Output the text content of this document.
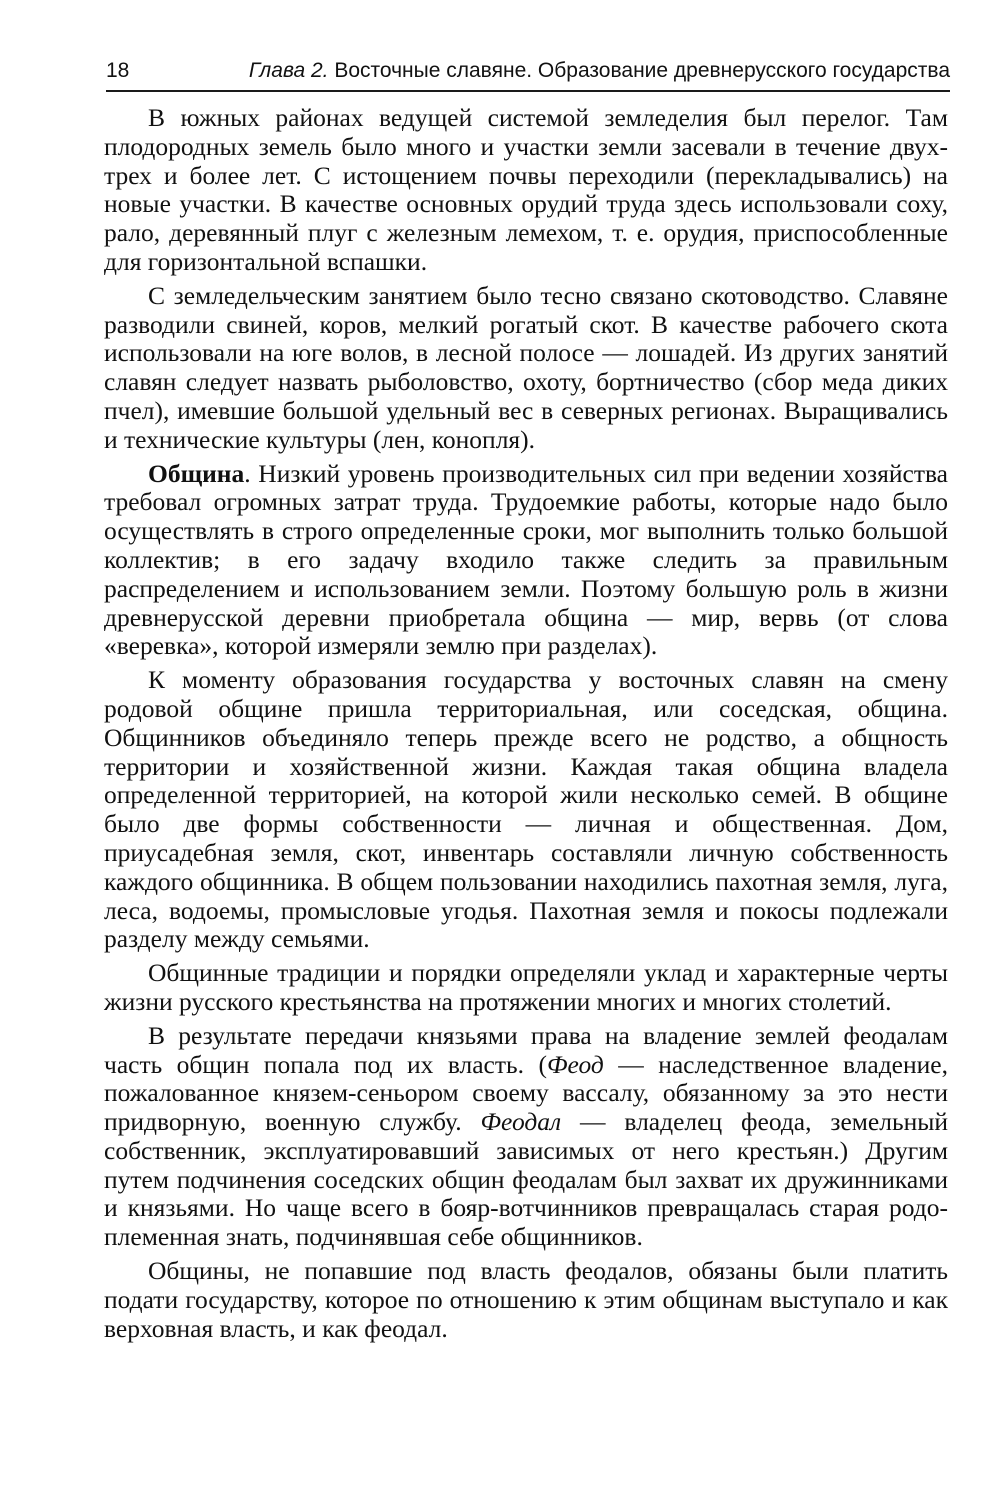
18	Глава 2. Восточные славяне. Образование древнерусского государства

В южных районах ведущей системой земледелия был перелог. Там плодородных земель было много и участки земли засевали в течение двух-трех и более лет. С истощением почвы переходили (перекладывались) на новые участки. В качестве основных орудий труда здесь использовали соху, рало, деревянный плуг с железным лемехом, т. е. орудия, приспособленные для горизонтальной вспашки.

С земледельческим занятием было тесно связано скотоводство. Славяне разводили свиней, коров, мелкий рогатый скот. В качестве рабочего скота использовали на юге волов, в лесной полосе — лошадей. Из других занятий славян следует назвать рыболовство, охоту, бортничество (сбор меда диких пчел), имевшие большой удельный вес в северных регионах. Выращивались и технические культуры (лен, конопля).

Община. Низкий уровень производительных сил при ведении хозяйства требовал огромных затрат труда. Трудоемкие работы, которые надо было осуществлять в строго определенные сроки, мог выполнить только большой коллектив; в его задачу входило также следить за правильным распределением и использованием земли. Поэтому большую роль в жизни древнерусской деревни приобретала община — мир, вервь (от слова «веревка», которой измеряли землю при разделах).

К моменту образования государства у восточных славян на смену родовой общине пришла территориальная, или соседская, община. Общинников объединяло теперь прежде всего не родство, а общность территории и хозяйственной жизни. Каждая такая община владела определенной территорией, на которой жили несколько семей. В общине было две формы собственности — личная и общественная. Дом, приусадебная земля, скот, инвентарь составляли личную собственность каждого общинника. В общем пользовании находились пахотная земля, луга, леса, водоемы, промысловые угодья. Пахотная земля и покосы подлежали разделу между семьями.

Общинные традиции и порядки определяли уклад и характерные черты жизни русского крестьянства на протяжении многих и многих столетий.

В результате передачи князьями права на владение землей феодалам часть общин попала под их власть. (Феод — наследственное владение, пожалованное князем-сеньором своему вассалу, обязанному за это нести придворную, военную службу. Феодал — владелец феода, земельный собственник, эксплуатировавший зависимых от него крестьян.) Другим путем подчинения соседских общин феодалам был захват их дружинниками и князьями. Но чаще всего в бояр-вотчинников превращалась старая родо-племенная знать, подчинявшая себе общинников.

Общины, не попавшие под власть феодалов, обязаны были платить подати государству, которое по отношению к этим общинам выступало и как верховная власть, и как феодал.
